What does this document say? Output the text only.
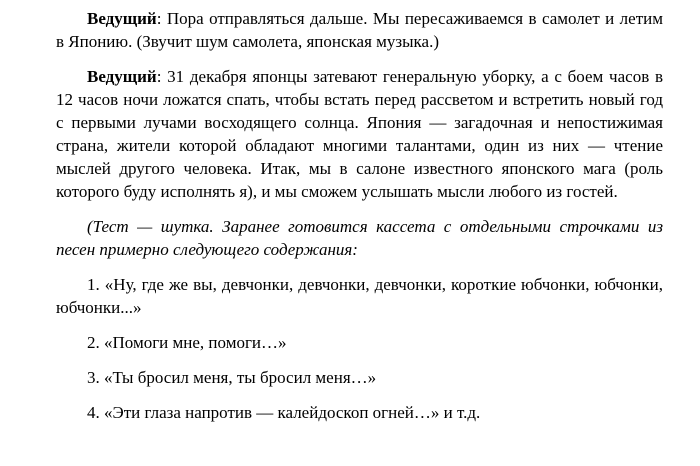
Ведущий: Пора отправляться дальше. Мы пересаживаемся в самолет и летим в Японию. (Звучит шум самолета, японская музыка.)

Ведущий: 31 декабря японцы затевают генеральную уборку, а с боем часов в 12 часов ночи ложатся спать, чтобы встать перед рассветом и встретить новый год с первыми лучами восходящего солнца. Япония — загадочная и непостижимая страна, жители которой обладают многими талантами, один из них — чтение мыслей другого человека. Итак, мы в салоне известного японского мага (роль которого буду исполнять я), и мы сможем услышать мысли любого из гостей.

(Тест — шутка. Заранее готовится кассета с отдельными строчками из песен примерно следующего содержания:

1. «Ну, где же вы, девчонки, девчонки, девчонки, короткие юбчонки, юбчонки, юбчонки...»

2. «Помоги мне, помоги…»

3. «Ты бросил меня, ты бросил меня…»

4. «Эти глаза напротив — калейдоскоп огней…» и т.д.
